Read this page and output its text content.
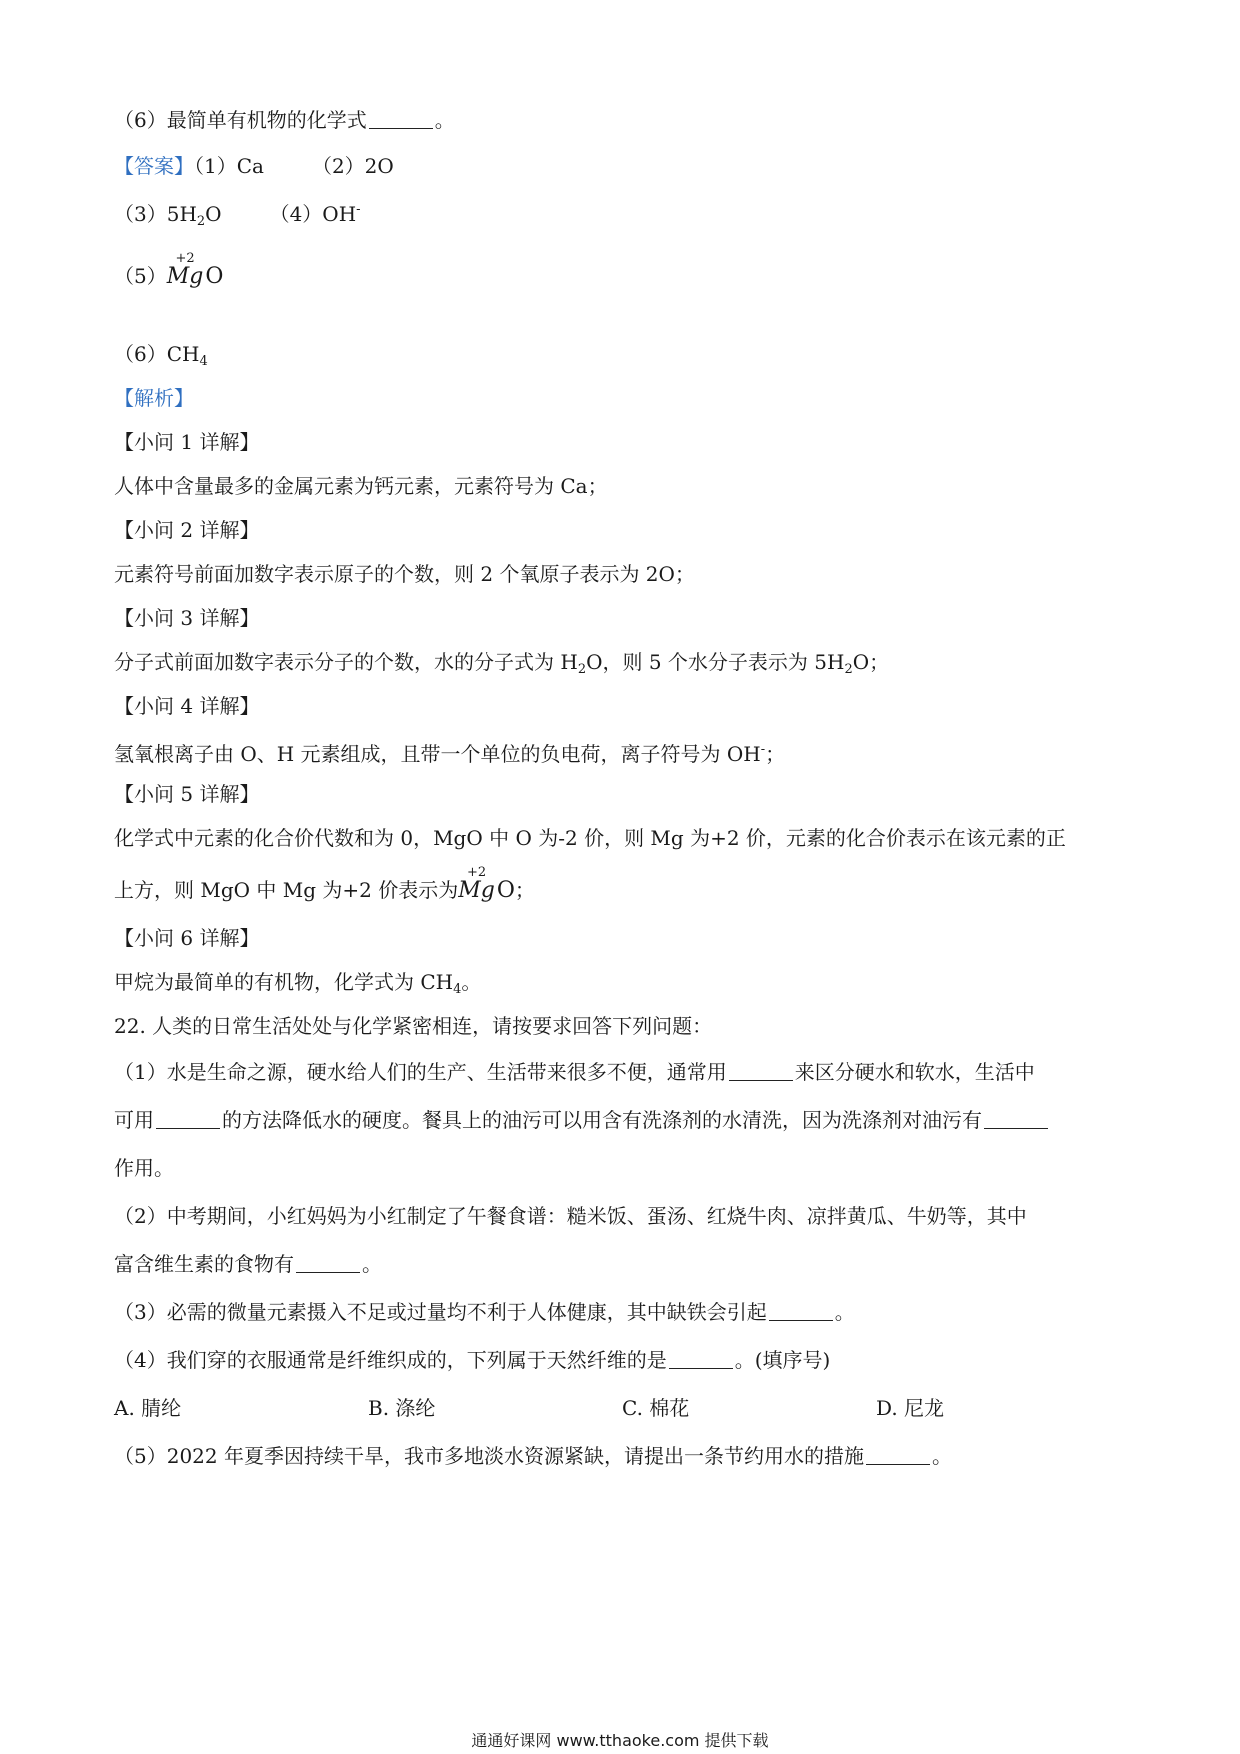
（6）最简单有机物的化学式	。
【答案】（1）Ca （2）2O
$(3)5H_2O$ （4）OH-
（5）
+2
MgO
$(6)CH_4$
【解析】
【小问 1 详解】
人体中含量最多的金属元素为钙元素，元素符号为 Ca；
【小问 2 详解】
元素符号前面加数字表示原子的个数，则 2 个氧原子表示为 2O；
【小问 3 详解】
分子式前面加数字表示分子的个数，水的分子式为 $H_2O$，则 5 个水分子表示为 $5H_2O$；
【小问 4 详解】
氢氧根离子由 O、H 元素组成，且带一个单位的负电荷，离子符号为 OH-；
【小问 5 详解】
化学式中元素的化合价代数和为 0，MgO 中 O 为-2 价，则 Mg 为+2 价，元素的化合价表示在该元素的正
上方，则 MgO 中 Mg 为+2 价表示为
+2
MgO；
【小问 6 详解】
甲烷为最简单的有机物，化学式为 $CH_4$。
22. 人类的日常生活处处与化学紧密相连，请按要求回答下列问题：
（1）水是生命之源，硬水给人们的生产、生活带来很多不便，通常用	来区分硬水和软水，生活中
可用	的方法降低水的硬度。餐具上的油污可以用含有洗涤剂的水清洗，因为洗涤剂对油污有
作用。
（2）中考期间，小红妈妈为小红制定了午餐食谱：糙米饭、蛋汤、红烧牛肉、凉拌黄瓜、牛奶等，其中
富含维生素的食物有	。
（3）必需的微量元素摄入不足或过量均不利于人体健康，其中缺铁会引起	。
（4）我们穿的衣服通常是纤维织成的，下列属于天然纤维的是	。(填序号)
A. 腈纶	B. 涤纶	C. 棉花	D. 尼龙
（5）2022 年夏季因持续干旱，我市多地淡水资源紧缺，请提出一条节约用水的措施	。
通通好课网 www.tthaoke.com 提供下载
